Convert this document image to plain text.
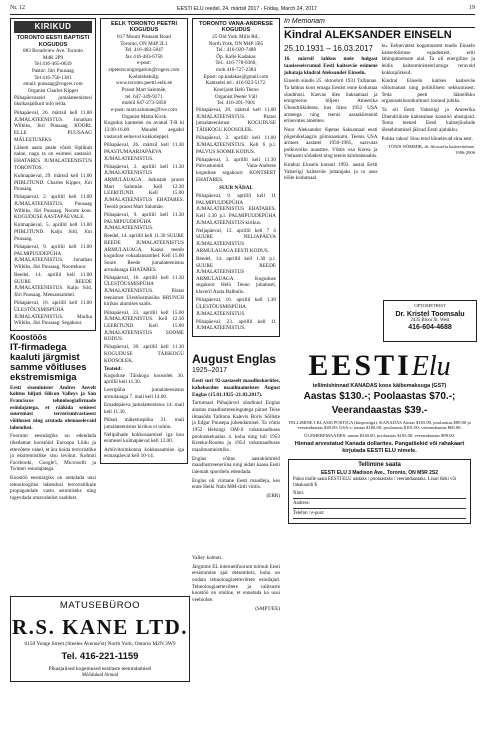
Nr. 12	EESTI ELU reedel, 24. märtsil 2017 - Friday, March 24, 2017	19
KIRIKUD
TORONTO EESTI BAPTISTI KOGUDUS
883 Broadview Ave. Toronto
M4K 2P9
Tel 416-465-0639
Pastor: Jüri Puusaag
Tel 416-750-1381
email: puusaag@rogers.com
Organist Charles Kipper

Pühapäevaseid jumalateenistusi üksikasjalikult info leida.

Pühapäeval, 26. märtsil kell 11.00 JUMALATEENISTUS. Jonathan Wilbiks, Jüri Puusaag. KOORI. ELLE PUUSAAG MÄLESTUSEKS.
Lähem aasta peale võtab lõplikult naine, nagu ta on esimesi aastasid. EHATARES JUMALATEENISTUS TORONTOS.
Kolmapäeval, 29. märtsil kell 11.00 PIIBLITUND. Charles Kipper, Jüri Puusaag.
Pühapäeval, 2. aprillil kell 11.00 JUMALATEENISTUS. Puusaag Wilbiks, Jüri Puusaag. Noorte koor. KOGUDUSE AASTAPÄEVALE.
Kolmapäeval, 5. aprillil kell 11.00 PIIBLITUND. Kalju Sild, Jüri Puusaag.
Pühapäeval, 9. aprillil kell 11.00 PALMIPUUDEPÜHA JUMALATEENISTUS. Jonathan Wilbiks, Jüri Puusaag. Noortekoor.
Reedel, 14. aprillil kell 11.00 SUURE REEDE JUMALATEENISTUS. Kalju Sild, Jüri Puusaag. Meesansambel.
Pühapäeval, 16. aprillil kell 11.00 ÜLESTÕUSMISPÜHA JUMALATEENISTUS. Marika Wilbiks, Jüri Puusaag. Segakoor.
Koostöös
IT-firmadega kaaluti järgmist samme võitluses ekstremismiga

Eesti siseminister Andres Anvelt kohtus hiljuti Silicon Valleys ja San Franciscos tehnoloogiafirmade esindajatega, et rääkida senisest suuremast terrorismivastasest võitlusest ning arutada olemasolevaid lahendusi.

Foorumi eesmärgiks on edendada tihedamat koostööd Euroopa Liidu ja ettevõtete vahel, et ära hoida terroristlike ja ekstremistlike sisu levikut. Kohtuti Facebooki, Google'i, Microsofti ja Twitteri esindajatega.

Koostöö eesmärgiks on arendada uusi tehnoloogilisi lahendusi terroristlikule propagandale vastu astumiseks ning tugevdada omavahelist usaldust.

EELK TORONTO PEETRI KOGUDUS
817 Mount Pleasant Road
Toronto, ON M4P 2L1
Tel. 416-483-5847
fax 416-483-6756
e-post:
stpeterscongregation@rogers.com
Kodulehekülg:
www.toronto.peetri.eelk.ee
Praost Mart Salumäe,
tel. 647-349-9271
mobiil 647-273-5858
e-post: mart.salumae@live.com
Organist Marta Kivik

Kogudus kantselei on avatud T-R kl 13.00-16.00. Muudel aegadel vastavalt eelneval kokkuleppel.

Pühapäeval, 26. märtsil kell 11.30 PAASTUMAARJAPÄEVA JUMALATEENISTUS.
Pühapäeval, 2. aprillil kell 11.30 JUMALATEENISTUS ARMULAUAGA. Jutlustab praost Mart Salumäe. Kell 12.30 LEERITUND. Kell 15.00 JUMALATEENISTUS EHATARES. Teenib praost Mart Salumäe.
Pühapäeval, 9. aprillil kell 11.30 PALMIPUUDEPÜHA JUMALATEENISTUS.
Reedel, 14. aprillil kell 11.30 SUURE REEDE JUMALATEENISTUS ARMULAUAGA. Kaasa teenib koguduse vokaalansambel. Kell 15.00 Suure Reede jumalateenistus armulauaga EHATARES.
Pühapäeval, 16. aprillil kell 11.30 ÜLESTÕUSMISPÜHA JUMALATEENISTUS. Pärast teenistust Ülestõusmisüha BRUNCH kirikus alumises saalis.
Pühapäeval, 23. aprillil kell 15.00 JUMALATEENISTUS. Kell 12.30 LEERITUND. Kell 15.00 JUMALATEENISTUS SOOME KODUS.
Pühapäeval, 30. aprillil kell 11.30 KOGUDUSE TÄISKOGU KOOSOLEK.
Teateid:
Koguduse Täiskogu koosolek 30. aprillil kell 11.30.
Leeripüha jumalateenistus armulauaga 7. mail kell 14.00.
Emadepäeva jumalateenistus 14. mail kell 11.30.
Pühad mälestuspüha 21. mail jumalateenistus kirikus ei toimu.
Nelipühade kokkusaamisel iga kuu esimesel kolmapäeval kell 12.00.
Arhiivitoimkonna kokkusaamine iga esmaspäeval kell 10-14.
TORONTO VANA-ANDRESE KOGUDUS
25 Old York Mills Rd.,
North York, ON M4P 1B5
Tel.: 416-920-7488
Õp. Kalle Kadakas
Tel.: 416-778-6360,
mob 416-727-2384
Epost: op.kadakas@gmail.com
Kantselei tel.: 416-923-5172.
Koorijuht Helü Teeno
Organist Peeter Väll
Tel. 416-201-7001
Pühapäeval, 26. märtsil kell 11.00 JUMALATEENISTUS. Pärast jumalateenistust KOGUDUSE TÄISKOGU KOOSOLEK.
Pühapäeval, 2. aprillil kell 11.00 JUMALATEENISTUS. Kell 6 p.l. PALVUS SOOME KODUS.
Pühapäeval, 3. aprillil kell 11.30 Palvustunnid. Vana-Andrese koguduse segakoori KONTSERT EHATARES.
SUUR NÄDAL
Pühapäeval, 9. aprillil kell 11 PALMIPUUDEPÜHA JUMALATEENISTUS EHATARES. Kell 1.30 p.l. PALMIPUUDEPÜHA JUMALATEENISTUS kirikus.
Neljapäeval, 13. aprillil kell 7 õ SUURE NELJAPÄEVA JUMALATEENISTUS ARMULAUAGA EESTI KODUS.
Reedel, 14. aprillil kell 1.30 p.l. SUURE REEDE JUMALATEENISTUS ARMULAUAGA. Koguduse segakoor Helü Teeno juhatusel, klaveril Anita Balbulis.
Pühapäeval, 16. aprillil kell 1.30 ÜLESTÕUSMISPÜHA JUMALATEENISTUS.
Pühapäeval, 23. aprillil kell 11 JUMALATEENISTUS.
August Englas
1925–2017

Eesti suri 92-aastaselt maadluskorüfee, kahekordne maailmameister August Englas (15.01.1925–21.03.2017).

Tartumaal Pühajärvel sündinud Englas alustas maadlustreeningutega pärast Teise ilmasõda Tallinna Kalevis Boris Sõlliste ja Edgar Puusepa juhendamisel. Ta võitis 1952 Helsingi OM-il vabamaadluses poolraskekaalus 4. koha ning tuli 1953 Kreeka-Rooma ja 1954 vabamaadluses maailmameistriks.

Englas võitas aastakümneid maadlustreeneriina ning aidati kaasa Eesti laiemalt spordielu edendada.

Englas oli viimane Eesti maadleja, kes enne Heiki Nabi MM-tiitli võitis.

(ERR)

Valley kohtati.

Järgmine EL internetifoorum toimub Eesti eesistumise ajal detsembris, kuhu on oodata tehnoloogiaettevõtete esindajad. Tehnoloogiaettevõtete ja valitsuste koostöö on oluline, et ennetada ka uusi veebiohte.

(SMPT/EE)
In Memoriam
Kindral ALEKSANDER EINSELN
25.10.1931 – 16.03.2017

16. märtsil lahkus meie hulgast taasiseseisvunud Eesti kaitseväe esimene juhataja kindral Aleksander Einseln.

Einseln sündis 25. oktoobril 1931 Tallinnas. Ta lahkus koos emaga Eestist enne kodumaa sündmusi. Kasvas üles Saksamaal ja emigreerus hiljem Ameerika Ühendriikidesse, kus liitus 1952 USA armeega ning teenis aastakümneid erinevates ametites.

Noor Aleksander lõpetas Saksamaal eesti põgenikelaagris gümnaasiumi. Teenis USA armees aastatel 1950-1985, saavutas polkovniku auastme. Võttis osa Korea ja Vietnami sõdadest ning teenis kindralstaabis.

Kindral Einseln kutsuti 1993. aastal Eesti Vabariigi kaitseväe juhatajaks ja ta asus tööle kodumaal.

ku. Eelnevatest kogemustest teadis Einseln kaitsetööstuse vajadustest, eriti lahingutoetuste alal. Ta oli energiline ja leidis kaitseministeeriumiga teravaid kokkupõrkeid.

Kindral Einseln kaitses kaitseväe sõltumatust ning poliitilisest sekkumisest. Teda peeti läänelikku organisatsioonikultuuri toonud juhiks.

Ta oli Eesti Vabariigi ja Ameerika Ühendriikide kaitsealase koostöö alustajaid. Tema teened Eesti kaitsejõudude ülesehitamisel jäävad Eesti ajalukku.

Puhka rahus! Sinu teod kõnelevad sinu eest.

TÕNIS NÕMMIK, dr. filosoofia kaitseväelane, 1996-2006
OPTOMETRIST
Dr. Kristel Toomsalu
2435 Bloor St. West
416-604-4688
EESTIElu
tellimishinnad KANADAS koos käibemaksuga (GST)
Aastas $130.-; Poolaastas $70.-;
Veerandaastas $39.-
TELLIMINE I KLASSI POSTIGA (kiirpostiga): KANADAS Aastas $165.00, poolaastas $89.00 ja veerandaastas $49.00; USA-s: aastas $180.00; poolaastas $101.00; veerandaastas $60.00.
ÜLEMEREMAADES: aastas $340.00, poolaastas $185.00, veerandaastas $99.00.
Hinnad arvestatud Kanada dollarites. Pangatšekid või rahakaart kirjutada EESTI ELU nimele.
Tellimine saata
EESTI ELU 3 Madison Ave., Toronto, ON M5R 2S2
Palun mulle saata EESTI ELU aastaks / poolaastaks / veerandaastaks. Lisan tšeki või rahakaardi $
Nimi:
Aadress:
Telefon / e-post:
MATUSEBÜROO
R.S. KANE LTD.
6150 Yonge Street (Steeles Avenue'st) North York, Ontario M2N 3W9
Tel. 416-221-1159
Pikaajalised kogemused eestlaste teenindamisel
Mõõdukad hinnad
